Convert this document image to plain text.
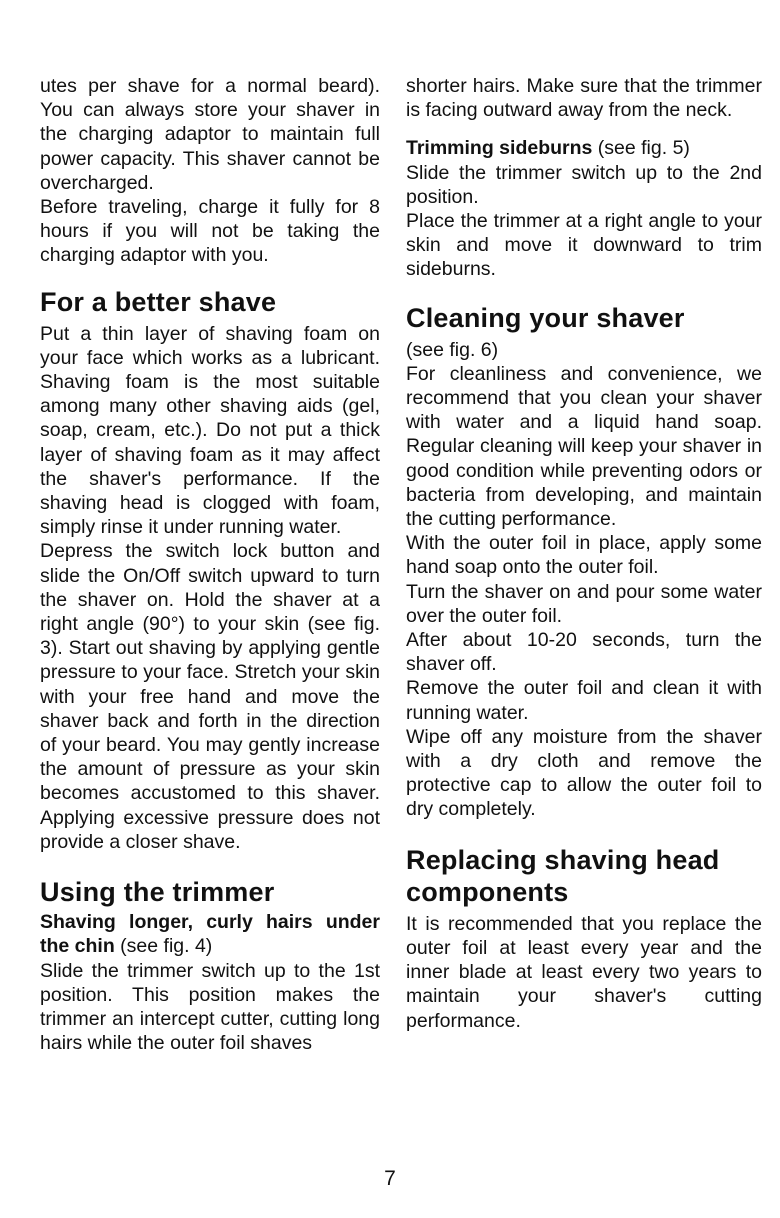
utes per shave for a normal beard). You can always store your shaver in the charging adaptor to maintain full power capacity. This shaver cannot be overcharged.

Before traveling, charge it fully for 8 hours if you will not be taking the charging adaptor with you.

For a better shave

Put a thin layer of shaving foam on your face which works as a lubricant. Shaving foam is the most suitable among many other shaving aids (gel, soap, cream, etc.). Do not put a thick layer of shaving foam as it may affect the shaver's performance. If the shaving head is clogged with foam, simply rinse it under running water.

Depress the switch lock button and slide the On/Off switch upward to turn the shaver on. Hold the shaver at a right angle (90°) to your skin (see fig. 3). Start out shaving by applying gentle pressure to your face. Stretch your skin with your free hand and move the shaver back and forth in the direction of your beard. You may gently increase the amount of pressure as your skin becomes accustomed to this shaver. Applying excessive pressure does not provide a closer shave.

Using the trimmer

Shaving longer, curly hairs under the chin (see fig. 4)

Slide the trimmer switch up to the 1st position. This position makes the trimmer an intercept cutter, cutting long hairs while the outer foil shaves

shorter hairs. Make sure that the trimmer is facing outward away from the neck.

Trimming sideburns (see fig. 5)

Slide the trimmer switch up to the 2nd position.

Place the trimmer at a right angle to your skin and move it downward to trim sideburns.

Cleaning your shaver

(see fig. 6)

For cleanliness and convenience, we recommend that you clean your shaver with water and a liquid hand soap. Regular cleaning will keep your shaver in good condition while preventing odors or bacteria from developing, and maintain the cutting performance.

With the outer foil in place, apply some hand soap onto the outer foil.

Turn the shaver on and pour some water over the outer foil.

After about 10-20 seconds, turn the shaver off.

Remove the outer foil and clean it with running water.

Wipe off any moisture from the shaver with a dry cloth and remove the protective cap to allow the outer foil to dry completely.

Replacing shaving head components

It is recommended that you replace the outer foil at least every year and the inner blade at least every two years to maintain your shaver's cutting performance.

7
